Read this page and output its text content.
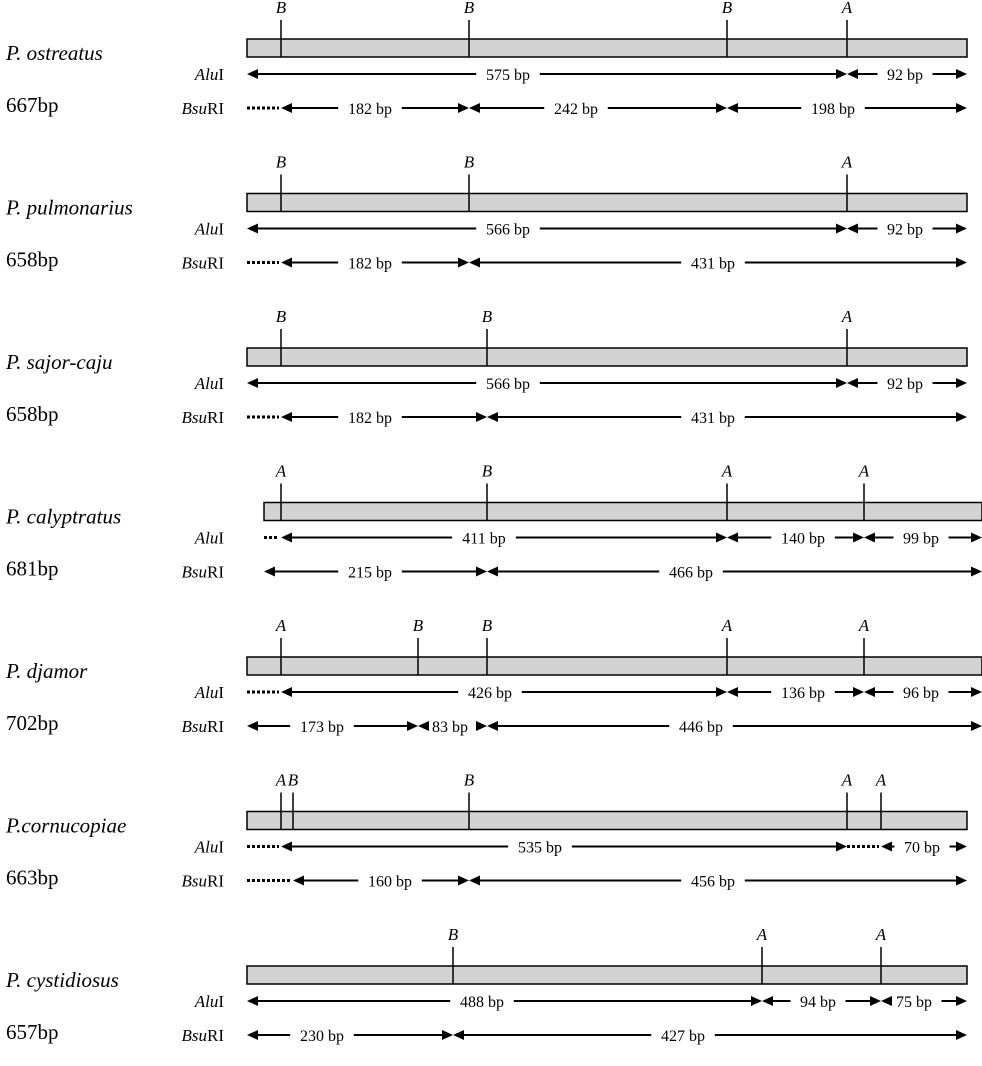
P. ostreatus
667bp
B	B	B	A
AluI	575 bp	92 bp
BsuRI	182 bp	242 bp	198 bp
P. pulmonarius
658bp
B	B	A
AluI	566 bp	92 bp
BsuRI	182 bp	431 bp
P. sajor-caju
658bp
B	B	A
AluI	566 bp	92 bp
BsuRI	182 bp	431 bp
P. calyptratus
681bp
A	B	A	A
AluI	411 bp	140 bp	99 bp
BsuRI	215 bp	466 bp
P. djamor
702bp
A	B	B	A	A
AluI	426 bp	136 bp	96 bp
BsuRI	173 bp	83 bp	446 bp
P.cornucopiae
663bp
A B	B	A A
AluI	535 bp	70 bp
BsuRI	160 bp	456 bp
P. cystidiosus
657bp
B	A	A
AluI	488 bp	94 bp	75 bp
BsuRI	230 bp	427 bp
